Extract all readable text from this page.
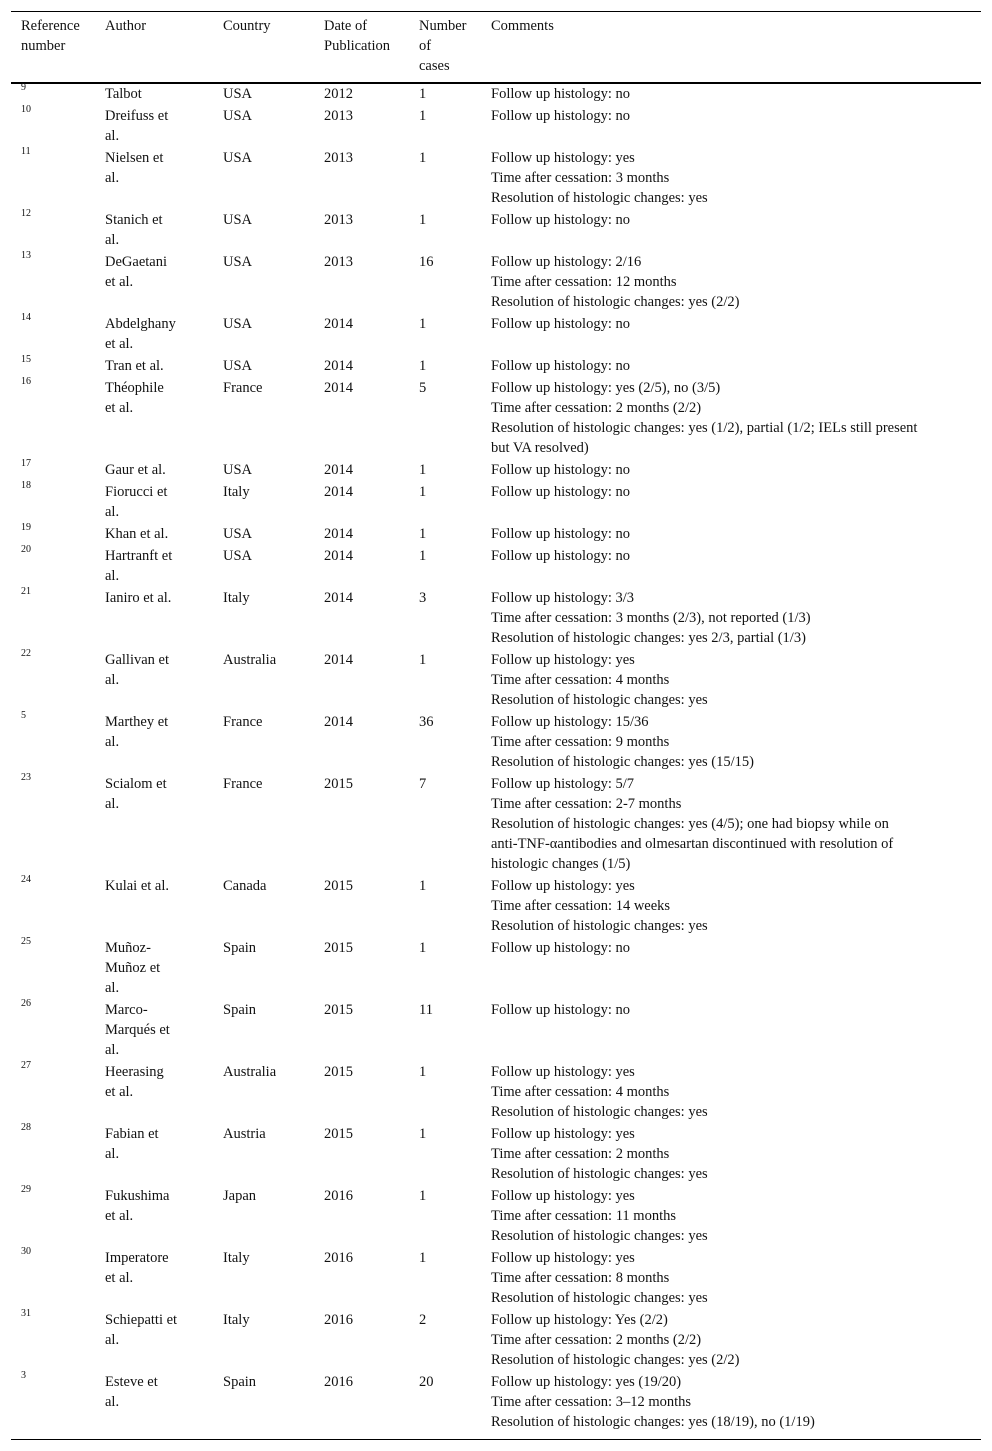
Reference
number	Author	Country	Date of
Publication	Number
of
cases	Comments

9	Talbot	USA	2012	1	Follow up histology: no

10	Dreifuss et
al.	USA	2013	1	Follow up histology: no

11	Nielsen et
al.	USA	2013	1	Follow up histology: yes
Time after cessation: 3 months
Resolution of histologic changes: yes

12	Stanich et
al.	USA	2013	1	Follow up histology: no

13	DeGaetani
et al.	USA	2013	16	Follow up histology: 2/16
Time after cessation: 12 months
Resolution of histologic changes: yes (2/2)

14	Abdelghany
et al.	USA	2014	1	Follow up histology: no

15	Tran et al.	USA	2014	1	Follow up histology: no

16	Théophile
et al.	France	2014	5	Follow up histology: yes (2/5), no (3/5)
Time after cessation: 2 months (2/2)
Resolution of histologic changes: yes (1/2), partial (1/2; IELs still present
but VA resolved)

17	Gaur et al.	USA	2014	1	Follow up histology: no

18	Fiorucci et
al.	Italy	2014	1	Follow up histology: no

19	Khan et al.	USA	2014	1	Follow up histology: no

20	Hartranft et
al.	USA	2014	1	Follow up histology: no

21	Ianiro et al.	Italy	2014	3	Follow up histology: 3/3
Time after cessation: 3 months (2/3), not reported (1/3)
Resolution of histologic changes: yes 2/3, partial (1/3)

22	Gallivan et
al.	Australia	2014	1	Follow up histology: yes
Time after cessation: 4 months
Resolution of histologic changes: yes

5	Marthey et
al.	France	2014	36	Follow up histology: 15/36
Time after cessation: 9 months
Resolution of histologic changes: yes (15/15)

23	Scialom et
al.	France	2015	7	Follow up histology: 5/7
Time after cessation: 2-7 months
Resolution of histologic changes: yes (4/5); one had biopsy while on
anti-TNF-αantibodies and olmesartan discontinued with resolution of
histologic changes (1/5)

24	Kulai et al.	Canada	2015	1	Follow up histology: yes
Time after cessation: 14 weeks
Resolution of histologic changes: yes

25	Muñoz-
Muñoz et
al.	Spain	2015	1	Follow up histology: no

26	Marco-
Marqués et
al.	Spain	2015	11	Follow up histology: no

27	Heerasing
et al.	Australia	2015	1	Follow up histology: yes
Time after cessation: 4 months
Resolution of histologic changes: yes

28	Fabian et
al.	Austria	2015	1	Follow up histology: yes
Time after cessation: 2 months
Resolution of histologic changes: yes

29	Fukushima
et al.	Japan	2016	1	Follow up histology: yes
Time after cessation: 11 months
Resolution of histologic changes: yes

30	Imperatore
et al.	Italy	2016	1	Follow up histology: yes
Time after cessation: 8 months
Resolution of histologic changes: yes

31	Schiepatti et
al.	Italy	2016	2	Follow up histology: Yes (2/2)
Time after cessation: 2 months (2/2)
Resolution of histologic changes: yes (2/2)

3	Esteve et
al.	Spain	2016	20	Follow up histology: yes (19/20)
Time after cessation: 3–12 months
Resolution of histologic changes: yes (18/19), no (1/19)
